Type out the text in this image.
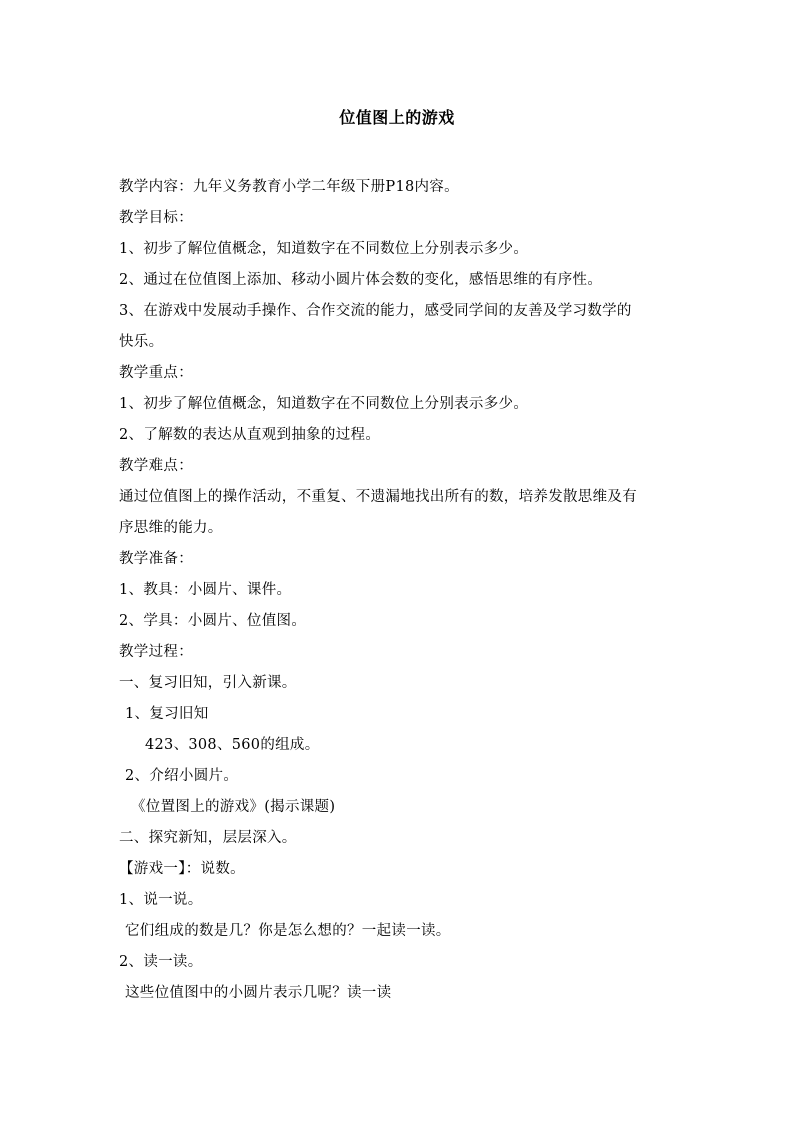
位值图上的游戏
教学内容：九年义务教育小学二年级下册P18内容。
教学目标：
1、初步了解位值概念，知道数字在不同数位上分别表示多少。
2、通过在位值图上添加、移动小圆片体会数的变化，感悟思维的有序性。
3、在游戏中发展动手操作、合作交流的能力，感受同学间的友善及学习数学的
快乐。
教学重点：
1、初步了解位值概念，知道数字在不同数位上分别表示多少。
2、了解数的表达从直观到抽象的过程。
教学难点：
通过位值图上的操作活动，不重复、不遗漏地找出所有的数，培养发散思维及有
序思维的能力。
教学准备：
1、教具：小圆片、课件。
2、学具：小圆片、位值图。
教学过程：
一、复习旧知，引入新课。
1、复习旧知
423、308、560的组成。
2、介绍小圆片。
《位置图上的游戏》(揭示课题)
二、探究新知，层层深入。
【游戏一】：说数。
1、说一说。
它们组成的数是几？你是怎么想的？一起读一读。
2、读一读。
这些位值图中的小圆片表示几呢？读一读
